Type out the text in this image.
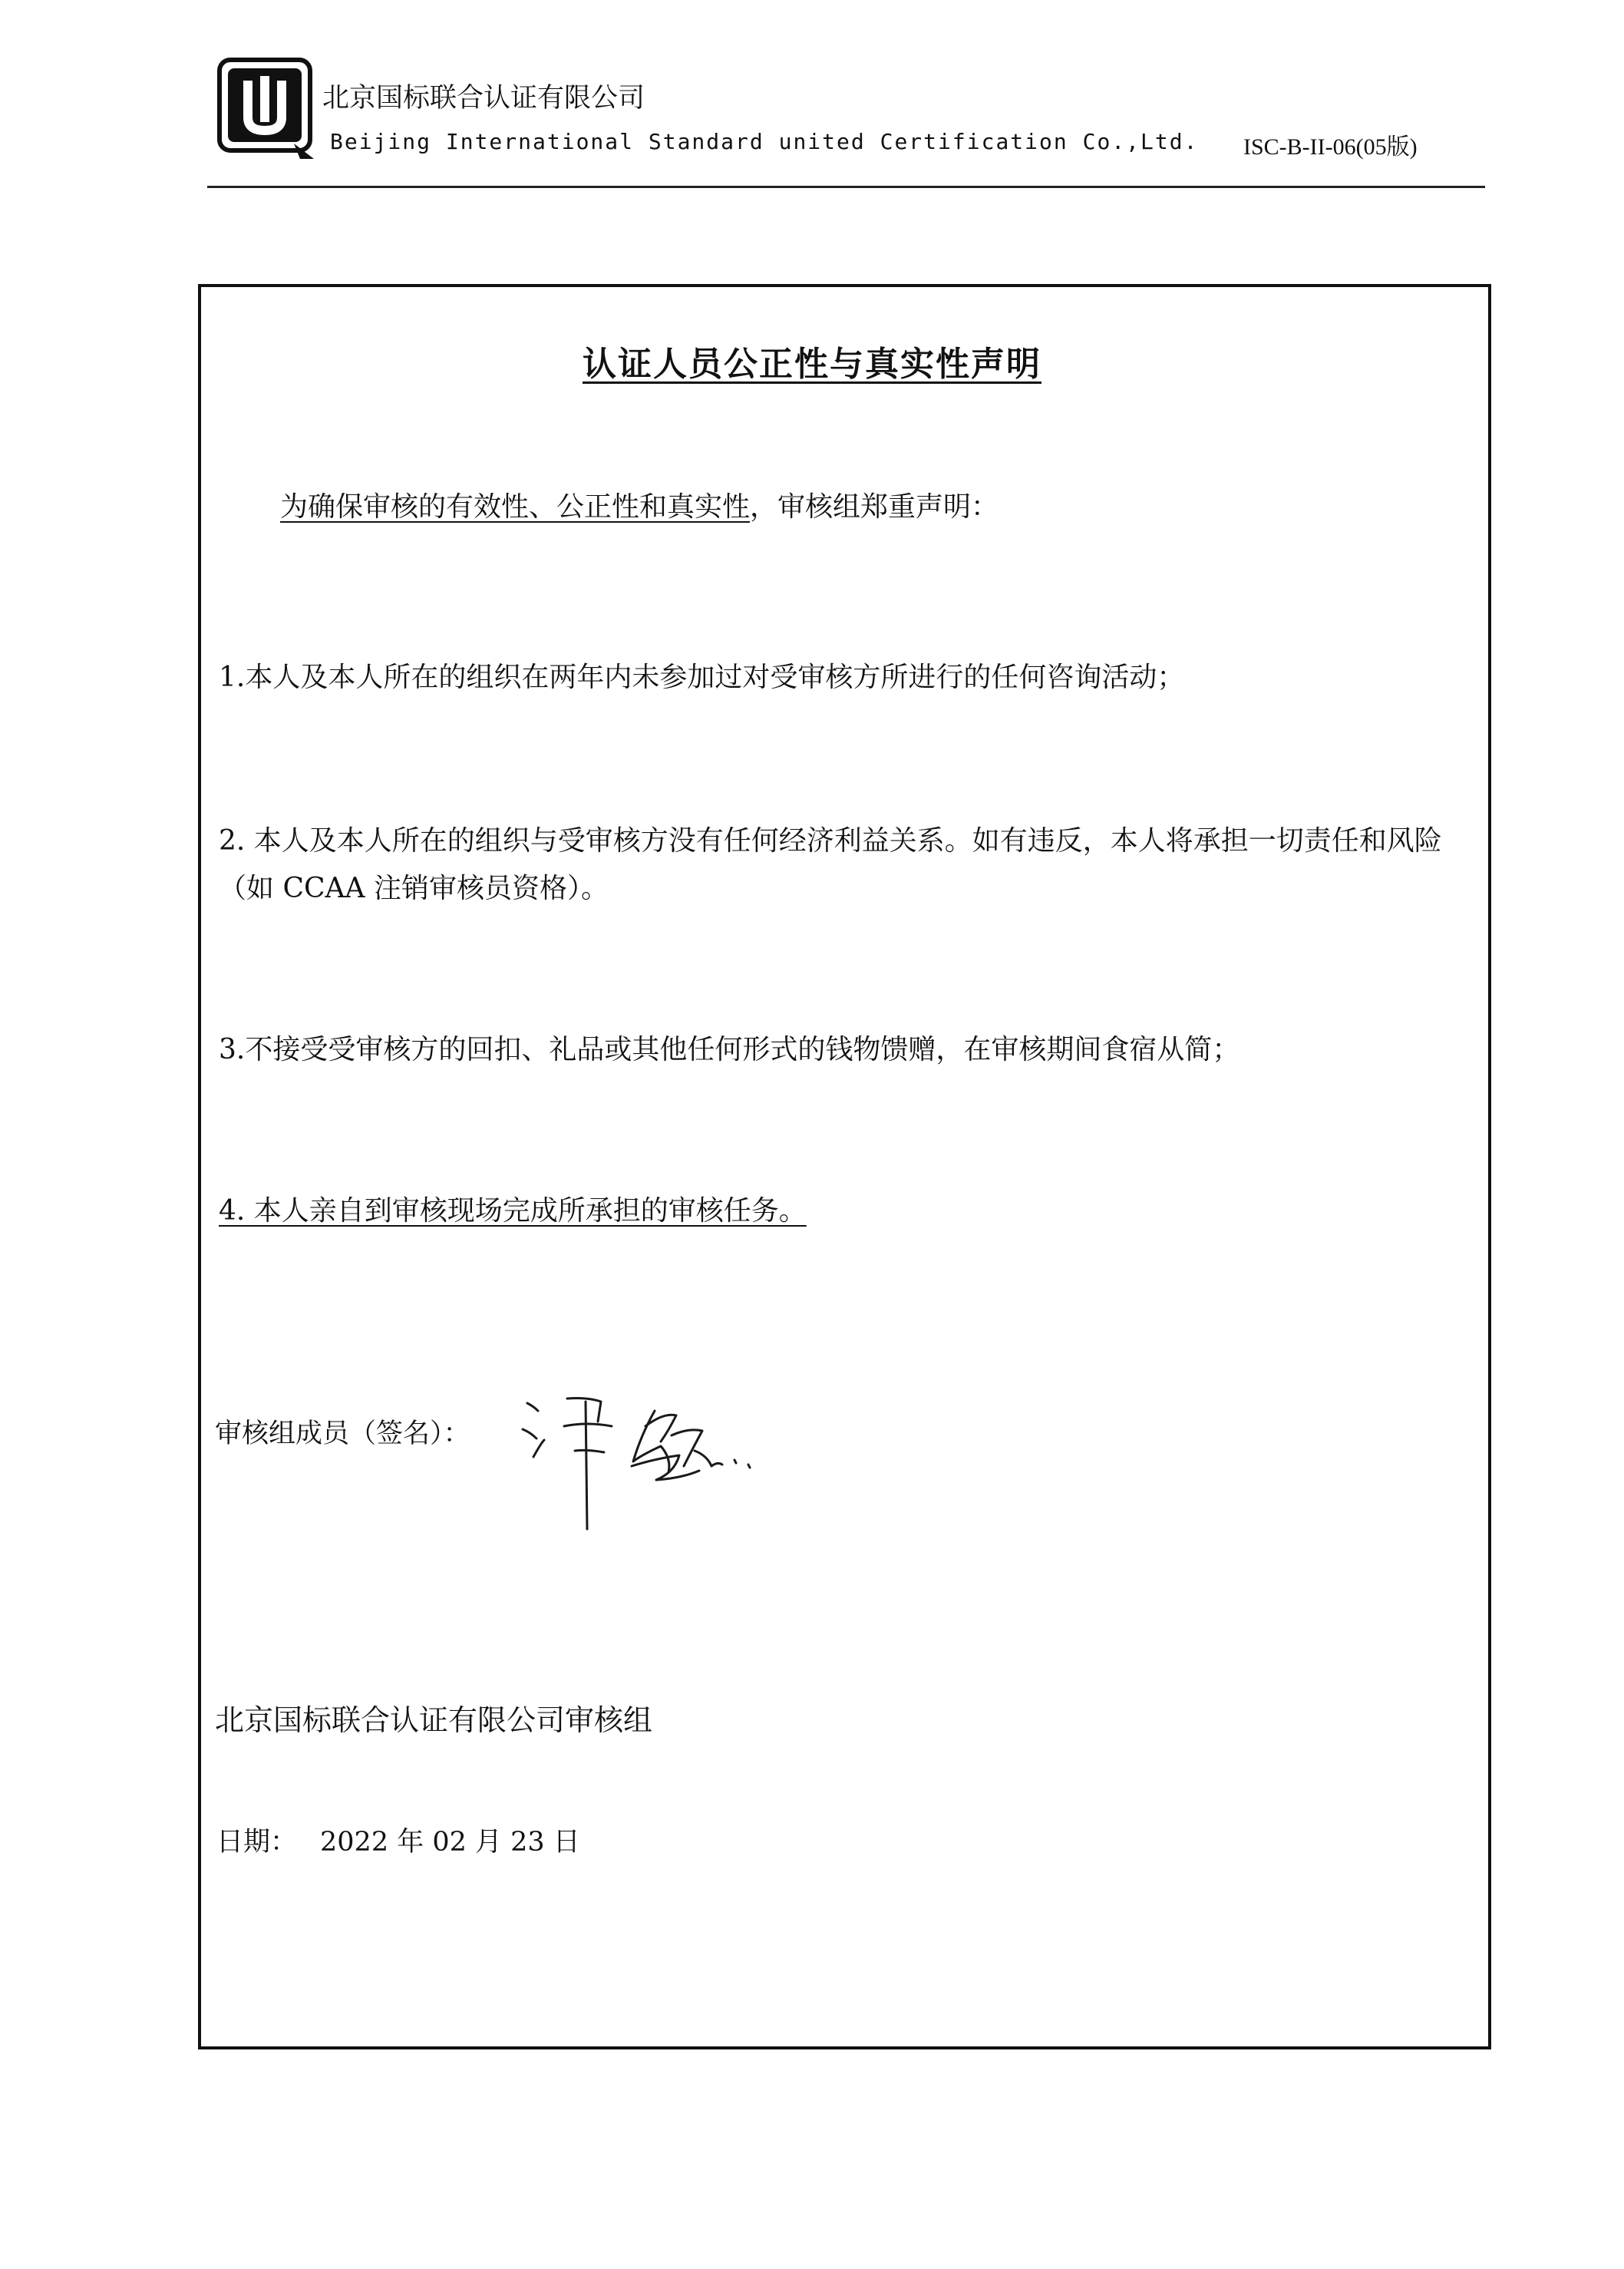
北京国标联合认证有限公司
Beijing International Standard united Certification Co.,Ltd. ISC-B-II-06(05版)
认证人员公正性与真实性声明
为确保审核的有效性、公正性和真实性，审核组郑重声明：
1.本人及本人所在的组织在两年内未参加过对受审核方所进行的任何咨询活动；
2. 本人及本人所在的组织与受审核方没有任何经济利益关系。如有违反，本人将承担一切责任和风险（如 CCAA 注销审核员资格）。
3.不接受受审核方的回扣、礼品或其他任何形式的钱物馈赠，在审核期间食宿从简；
4. 本人亲自到审核现场完成所承担的审核任务。
审核组成员（签名）：
北京国标联合认证有限公司审核组
日期： 2022 年 02 月 23 日
